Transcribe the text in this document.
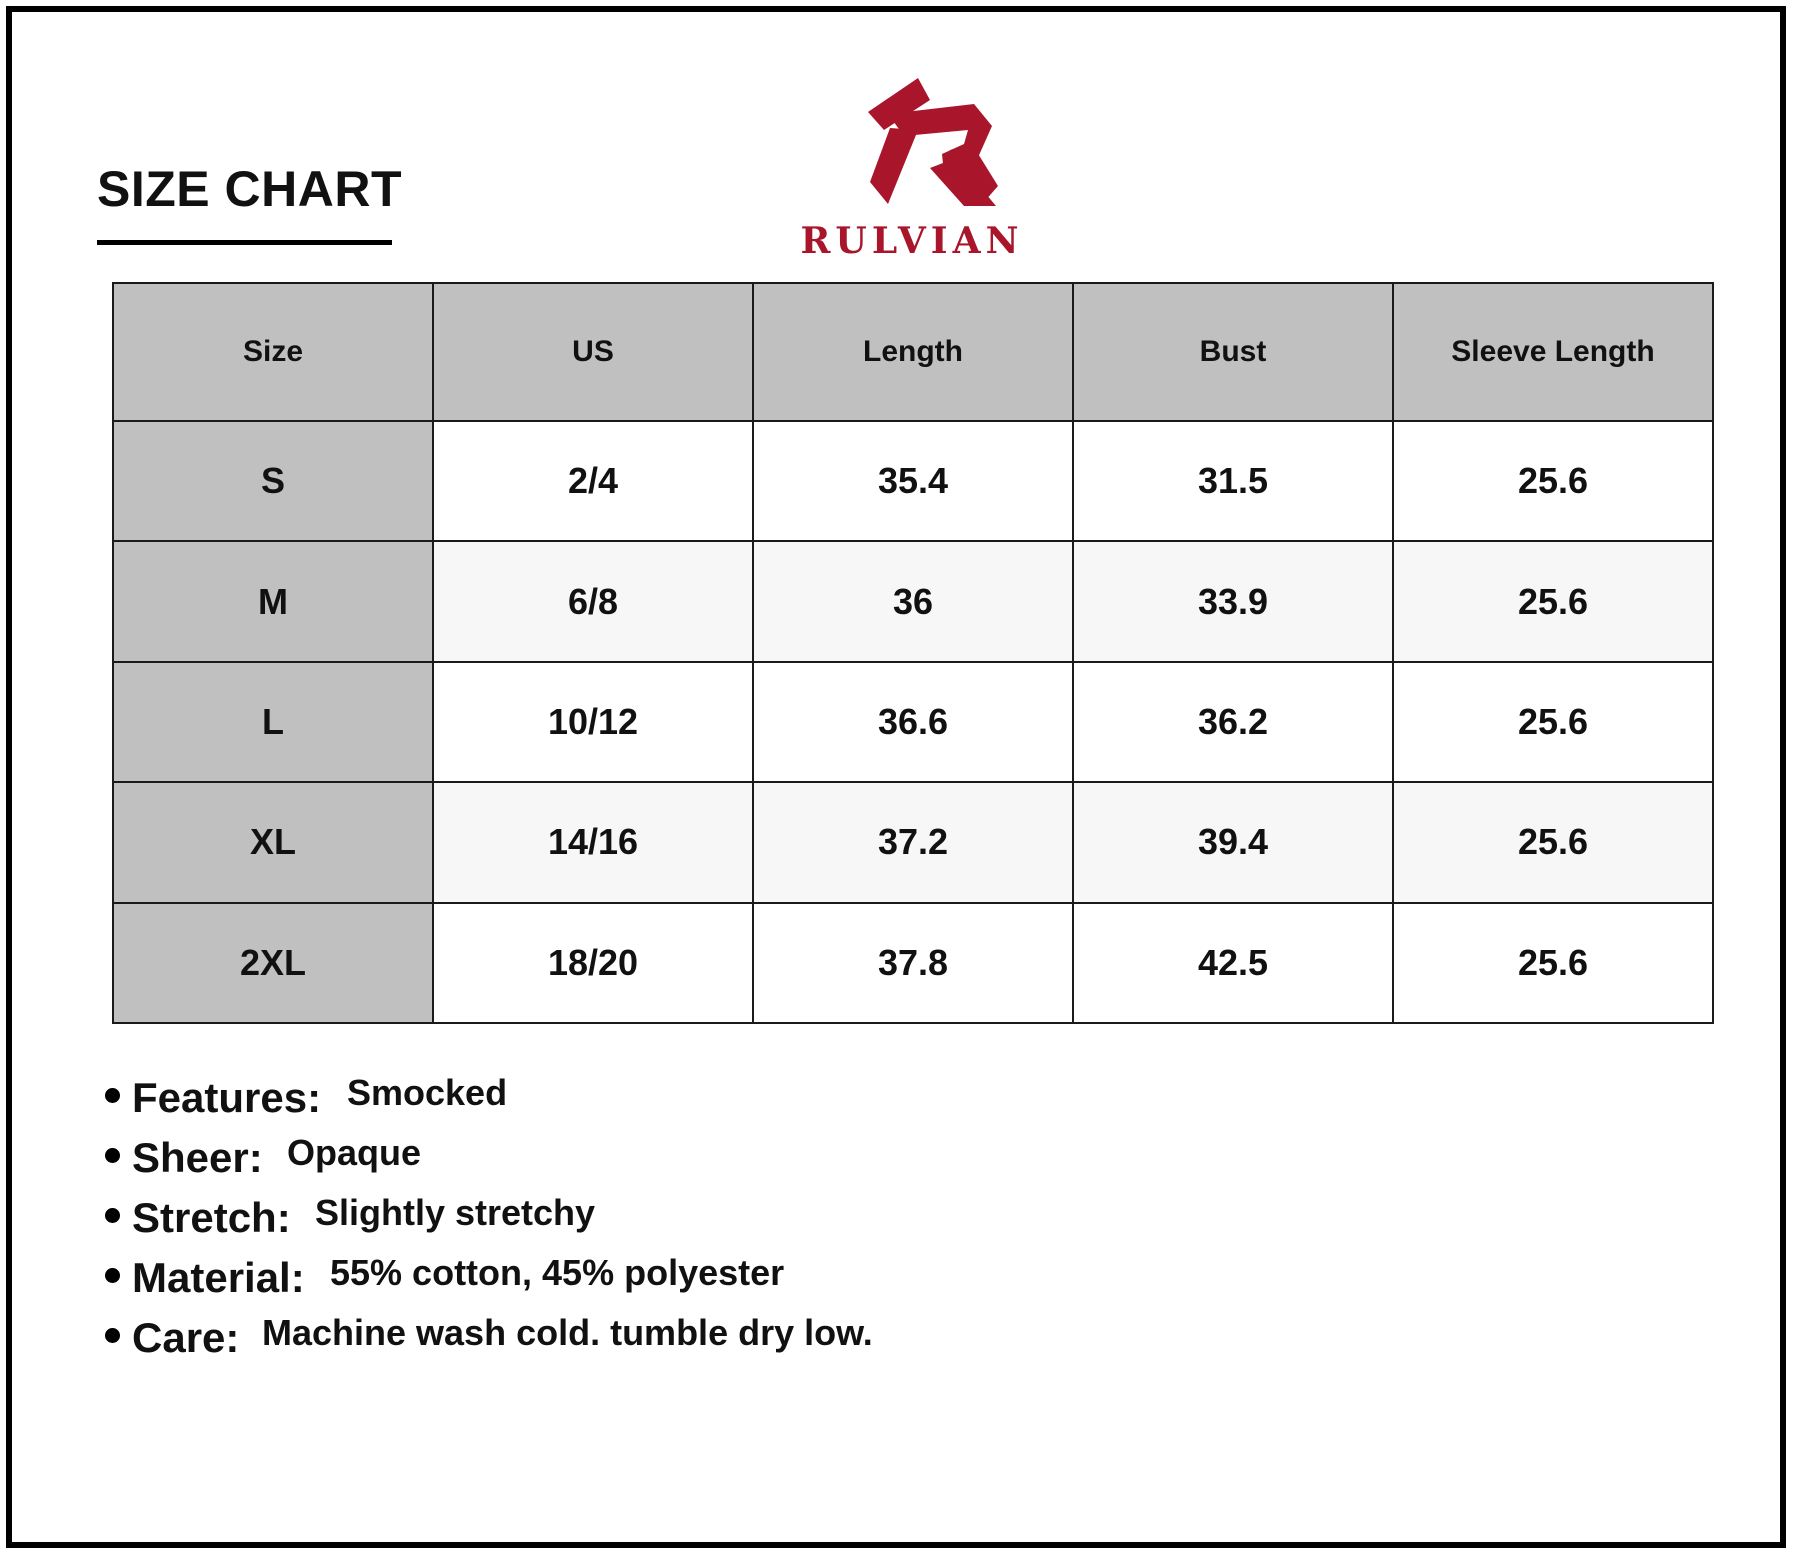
SIZE CHART
RULVIAN
Size	US	Length	Bust	Sleeve Length
S	2/4	35.4	31.5	25.6
M	6/8	36	33.9	25.6
L	10/12	36.6	36.2	25.6
XL	14/16	37.2	39.4	25.6
2XL	18/20	37.8	42.5	25.6
Features: Smocked
Sheer: Opaque
Stretch: Slightly stretchy
Material: 55% cotton, 45% polyester
Care: Machine wash cold. tumble dry low.
